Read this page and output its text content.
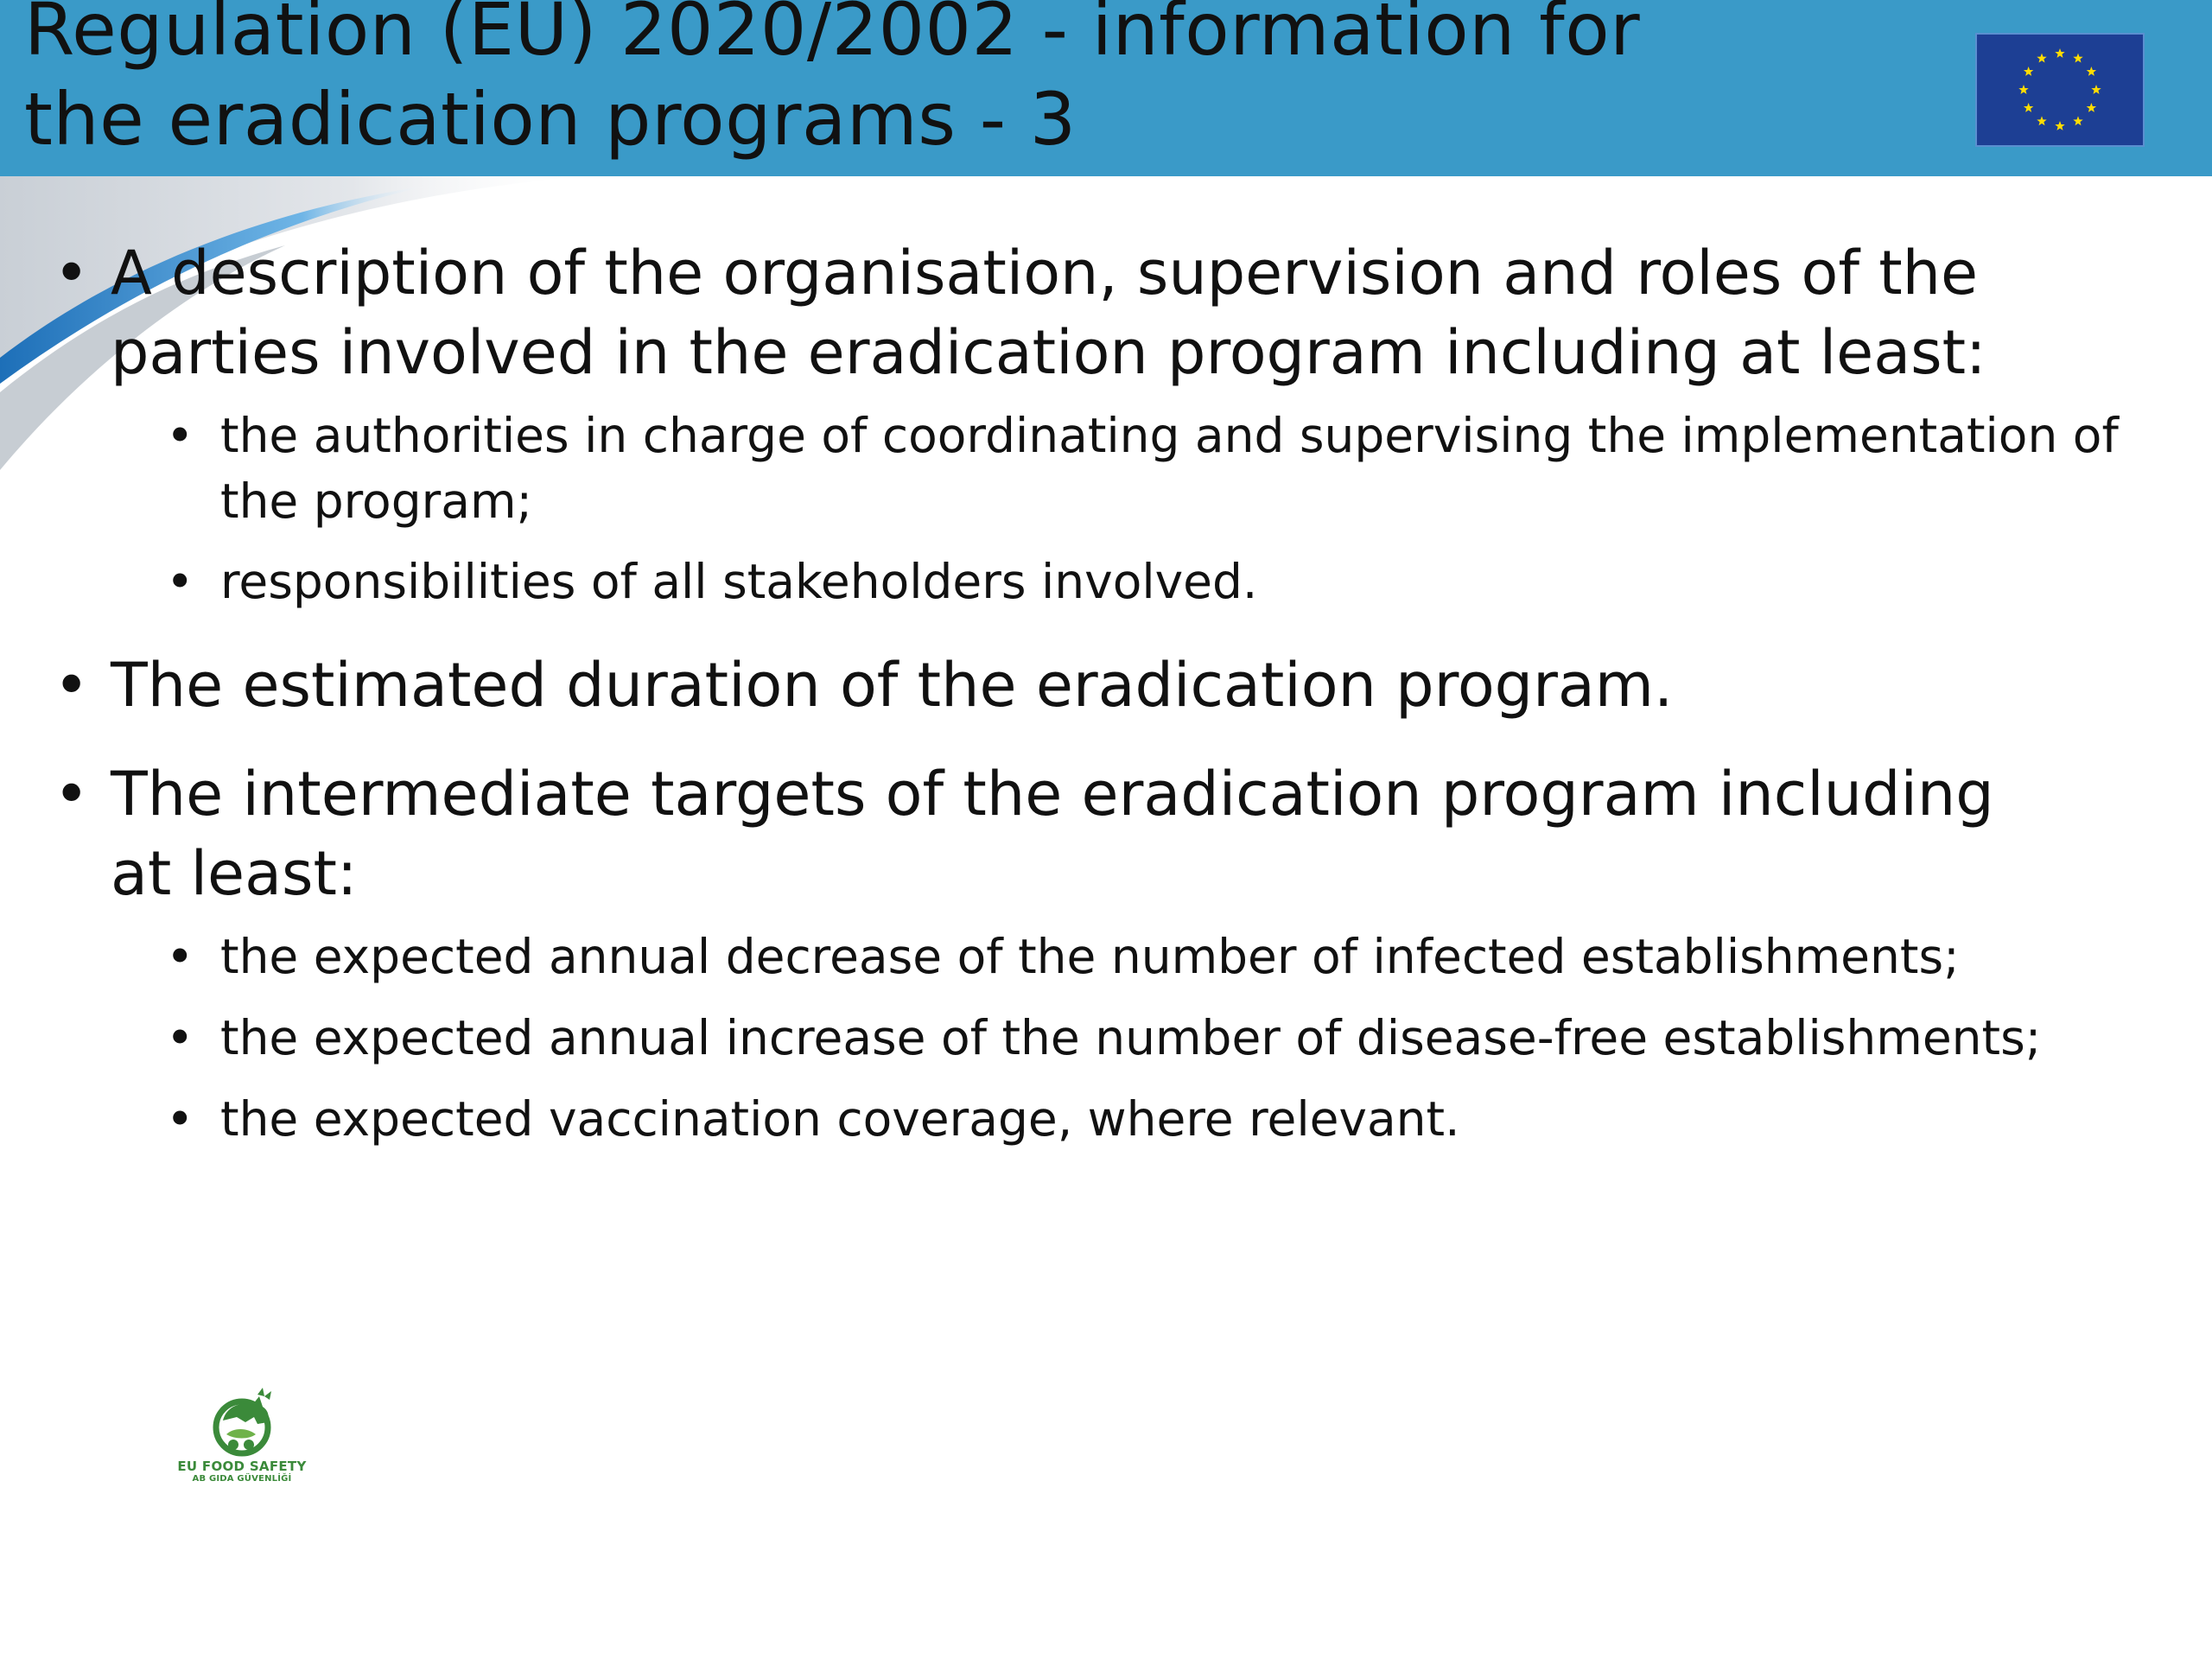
Regulation (EU) 2020/2002 - information for
the eradication programs - 3
• A description of the organisation, supervision and roles of the parties involved in the eradication program including at least:
• the authorities in charge of coordinating and supervising the implementation of the program;
• responsibilities of all stakeholders involved.
• The estimated duration of the eradication program.
• The intermediate targets of the eradication program including at least:
• the expected annual decrease of the number of infected establishments;
• the expected annual increase of the number of disease-free establishments;
• the expected vaccination coverage, where relevant.
EU FOOD SAFETY
AB GIDA GÜVENLİĞİ
